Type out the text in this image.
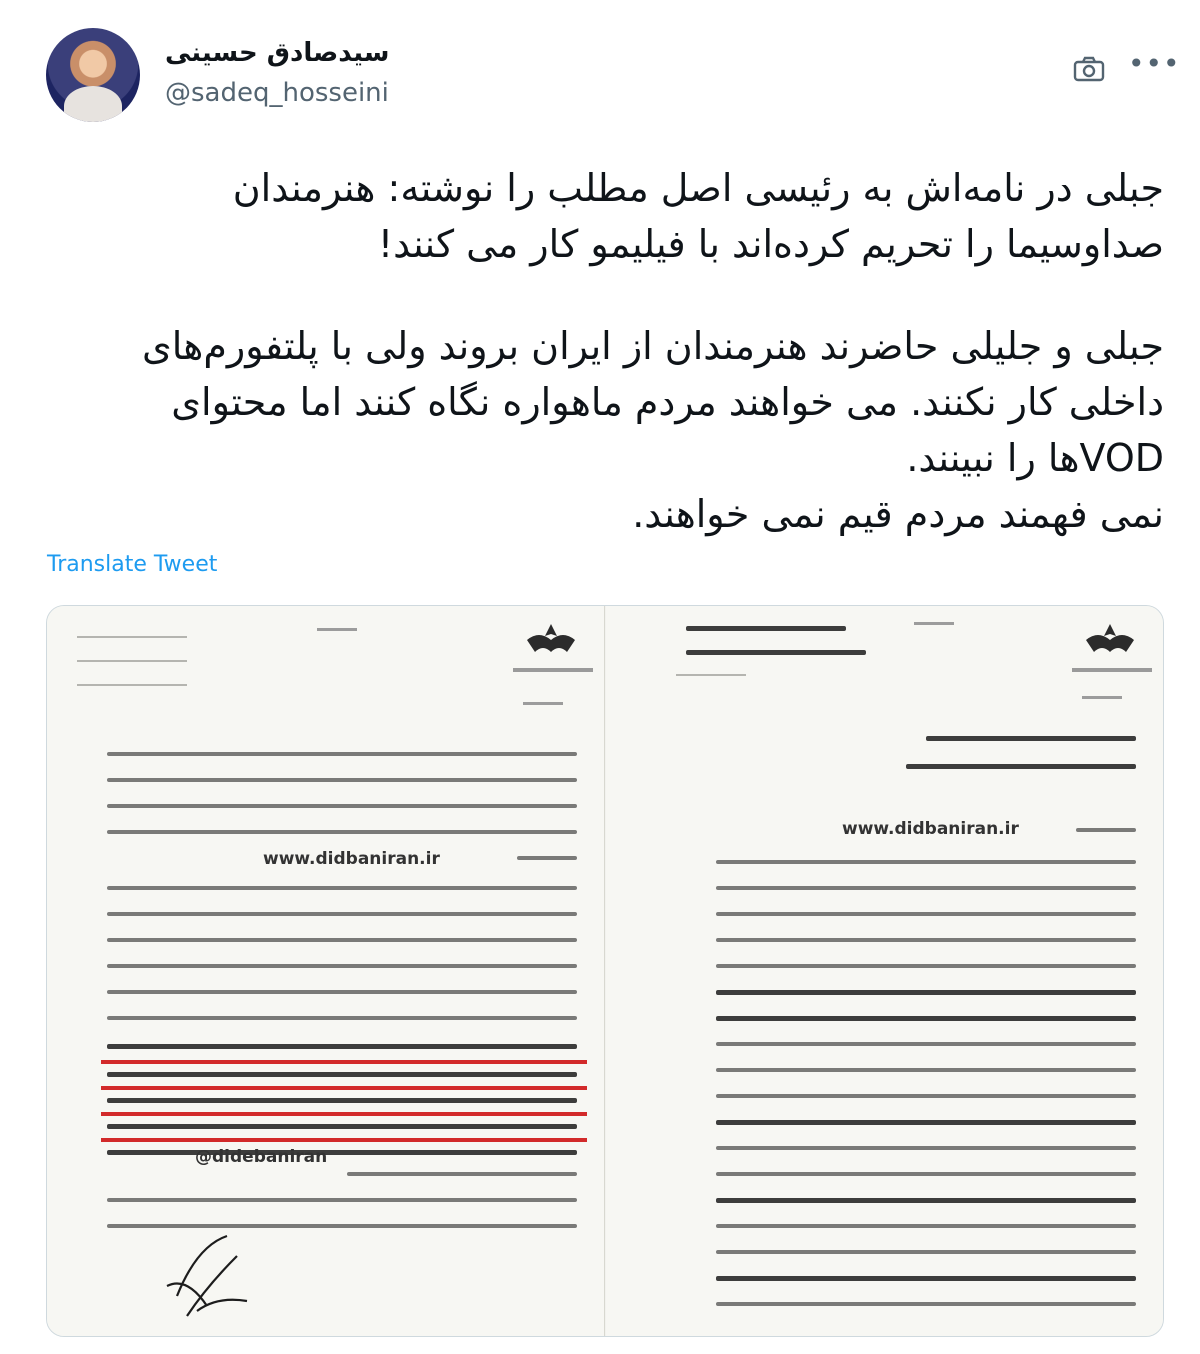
سیدصادق حسینی
@sadeq_hosseini
•••

جبلی در نامه‌اش به رئیسی اصل مطلب را نوشته: هنرمندان صداوسیما را تحریم کرده‌اند با فیلیمو کار می کنند!

جبلی و جلیلی حاضرند هنرمندان از ایران بروند ولی با پلتفورم‌های داخلی کار نکنند. می خواهند مردم ماهواره نگاه کنند اما محتوای VODها را نبینند.
نمی فهمند مردم قیم نمی خواهند.

Translate Tweet
www.didbaniran.ir
@didebaniran
www.didbaniran.ir
